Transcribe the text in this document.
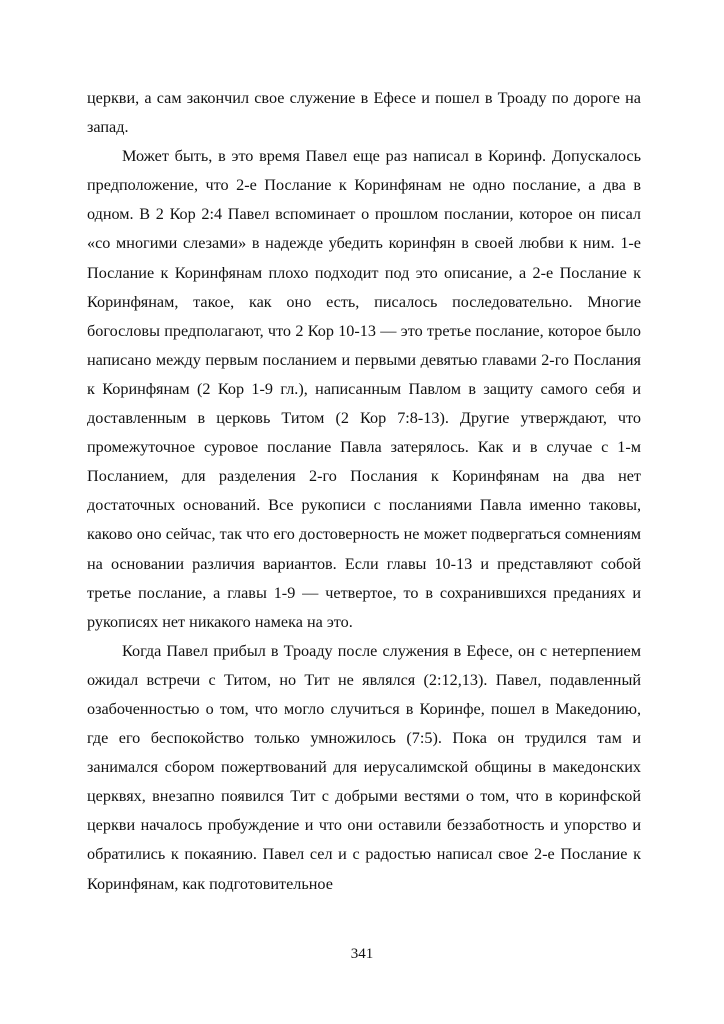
церкви, а сам закончил свое служение в Ефесе и пошел в Троаду по дороге на запад.

Может быть, в это время Павел еще раз написал в Коринф. Допускалось предположение, что 2-е Послание к Коринфянам не одно послание, а два в одном. В 2 Кор 2:4 Павел вспоминает о прошлом послании, которое он писал «со многими слезами» в надежде убедить коринфян в своей любви к ним. 1-е Послание к Коринфянам плохо подходит под это описание, а 2-е Послание к Коринфянам, такое, как оно есть, писалось последовательно. Многие богословы предполагают, что 2 Кор 10-13 — это третье послание, которое было написано между первым посланием и первыми девятью главами 2-го Послания к Коринфянам (2 Кор 1-9 гл.), написанным Павлом в защиту самого себя и доставленным в церковь Титом (2 Кор 7:8-13). Другие утверждают, что промежуточное суровое послание Павла затерялось. Как и в случае с 1-м Посланием, для разделения 2-го Послания к Коринфянам на два нет достаточных оснований. Все рукописи с посланиями Павла именно таковы, каково оно сейчас, так что его достоверность не может подвергаться сомнениям на основании различия вариантов. Если главы 10-13 и представляют собой третье послание, а главы 1-9 — четвертое, то в сохранившихся преданиях и рукописях нет никакого намека на это.

Когда Павел прибыл в Троаду после служения в Ефесе, он с нетерпением ожидал встречи с Титом, но Тит не являлся (2:12,13). Павел, подавленный озабоченностью о том, что могло случиться в Коринфе, пошел в Македонию, где его беспокойство только умножилось (7:5). Пока он трудился там и занимался сбором пожертвований для иерусалимской общины в македонских церквях, внезапно появился Тит с добрыми вестями о том, что в коринфской церкви началось пробуждение и что они оставили беззаботность и упорство и обратились к покаянию. Павел сел и с радостью написал свое 2-е Послание к Коринфянам, как подготовительное

341
